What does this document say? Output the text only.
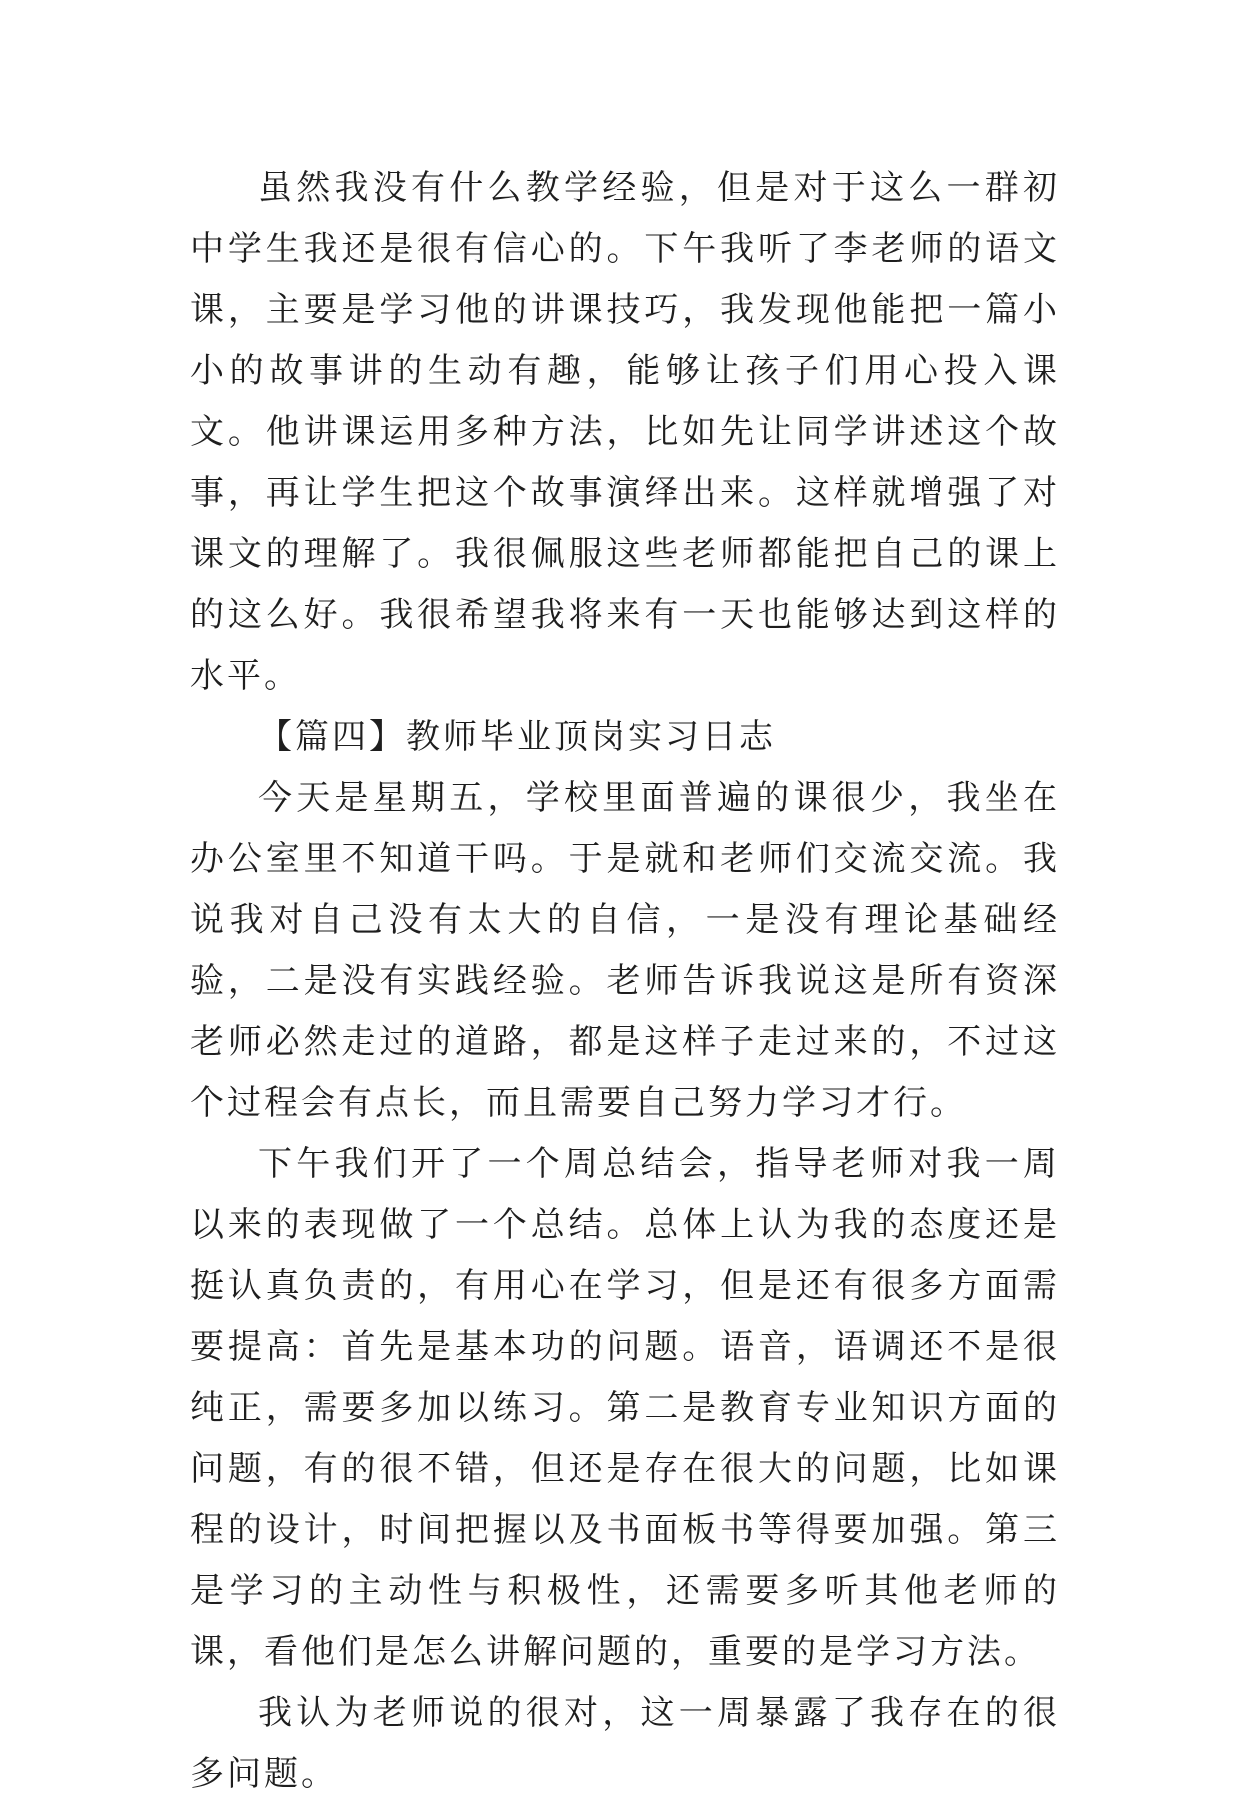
虽然我没有什么教学经验，但是对于这么一群初中学生我还是很有信心的。下午我听了李老师的语文课，主要是学习他的讲课技巧，我发现他能把一篇小小的故事讲的生动有趣，能够让孩子们用心投入课文。他讲课运用多种方法，比如先让同学讲述这个故事，再让学生把这个故事演绎出来。这样就增强了对课文的理解了。我很佩服这些老师都能把自己的课上的这么好。我很希望我将来有一天也能够达到这样的水平。

【篇四】教师毕业顶岗实习日志

今天是星期五，学校里面普遍的课很少，我坐在办公室里不知道干吗。于是就和老师们交流交流。我说我对自己没有太大的自信，一是没有理论基础经验，二是没有实践经验。老师告诉我说这是所有资深老师必然走过的道路，都是这样子走过来的，不过这个过程会有点长，而且需要自己努力学习才行。

下午我们开了一个周总结会，指导老师对我一周以来的表现做了一个总结。总体上认为我的态度还是挺认真负责的，有用心在学习，但是还有很多方面需要提高：首先是基本功的问题。语音，语调还不是很纯正，需要多加以练习。第二是教育专业知识方面的问题，有的很不错，但还是存在很大的问题，比如课程的设计，时间把握以及书面板书等得要加强。第三是学习的主动性与积极性，还需要多听其他老师的课，看他们是怎么讲解问题的，重要的是学习方法。

我认为老师说的很对，这一周暴露了我存在的很多问题。
